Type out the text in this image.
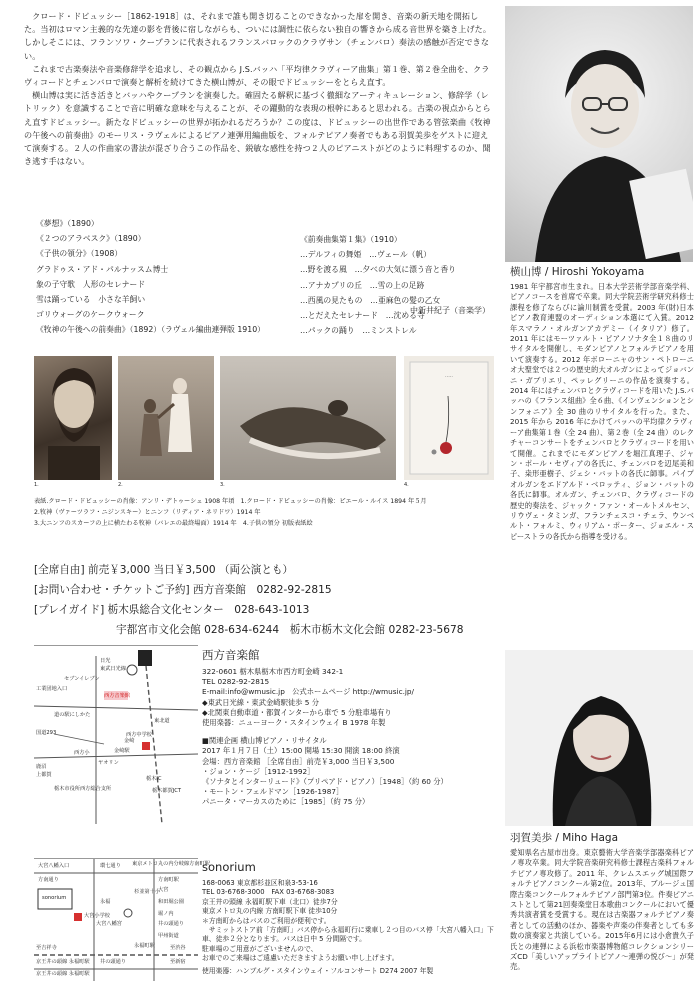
クロード・ドビュッシー［1862-1918］は、それまで誰も開き切ることのできなかった扉を開き、音楽の新天地を開拓した。当初はロマン主義的な先達の影を背後に宿しながらも、ついには調性に依らない独自の響きから成る音世界を築き上げた。しかしそこには、フランソワ・クープランに代表されるフランスバロックのクラヴサン（チェンバロ）奏法の感触が否定できない。

これまで古楽奏法や音楽修辞学を追求し、その観点から J.S.バッハ「平均律クラヴィーア曲集」第１巻、第２巻全曲を、クラヴィコードとチェンバロで演奏と解析を続けてきた横山博が、その眼でドビュッシーをとらえ直す。

横山博は実に活き活きとバッハやクープランを演奏した。確固たる解釈に基づく徹細なアーティキュレーション、修辞学（レトリック）を意識することで音に明確な意味を与えることが、その躍動的な表現の根幹にあると思われる。古楽の視点からとらえ直すドビュッシー。新たなドビュッシーの世界が拓かれるだろうか？この度は、ドビュッシーの出世作である管弦楽曲《牧神の午後への前奏曲》のモーリス・ラヴェルによるピアノ連弾用編曲版を、フォルテピアノ奏者でもある羽賀美歩をゲストに迎えて演奏する。２人の作曲家の書法が混ざり合うこの作品を、鋭敏な感性を持つ２人のピアニストがどのように料理するのか、聞き逃す手はない。

中新井紀子（音楽学）
《夢想》（1890）
《２つのアラベスク》（1890）
《子供の領分》（1908）
グラドゥス・アド・パルナッスム博士
象の子守歌　人形のセレナード
雪は踊っている　小さな羊飼い
ゴリウォーグのケークウォーク
《牧神の午後への前奏曲》（1892）（ラヴェル編曲連弾版 1910）
《前奏曲集第１集》（1910）
…デルフィの舞姫　…ヴェール（帆）
…野を渡る風　…夕べの大気に漂う音と香り
…アナカプリの丘　…雪の上の足跡
…西風の見たもの　…亜麻色の髪の乙女
…とだえたセレナード　…沈める寺
…パックの踊り　…ミンストレル
·····
1.	2.	3.	4.
表紙.クロード・ドビュッシーの肖像：アンリ・デトゥーシュ 1908 年頃　1.クロード・ドビュッシーの肖像：ピエール・ルイス 1894 年５月
2.牧神（ヴァーツラフ・ニジンスキー）とニンフ（リディア・ネリドワ）1914 年
3.大ニンフのスカーフの上に横たわる牧神（バレエの最終場面）1914 年　4.子供の領分 初版表紙絵
[全席自由] 前売￥3,000 当日￥3,500 （両公演とも）
[お問い合わせ・チケットご予約] 西方音楽館　0282-92-2815
[プレイガイド] 栃木県総合文化センター　028-643-1013
宇都宮市文化会館 028-634-6244　栃木市栃木文化会館 0282-23-5678
横山博 / Hiroshi Yokoyama
1981 年宇都宮市生まれ。日本大学芸術学部音楽学科、ピアノコースを首席で卒業。同大学院芸術学研究科修士課程を修了ならびに論川制賞を受賞。2003 年(財)日本ピアノ教育連盟のオーディション本選にて入賞。2012 年スマラノ・オルガンアカデミー（イタリア）修了。2011 年にはモーツァルト・ピアノソナタ全１８曲のリサイタルを開催し、モダンピアノとフォルテピアノを用いて演奏する。2012 年ボローニャのサン・ペトローニオ大聖堂では２つの歴史的大オルガンによってジョバンニ・ガブリエリ、ペッレグリーニの作品を演奏する。2014 年にはチェンバロとクラヴィコードを用いた J.S.バッハの《フランス組曲》全６曲、《インヴェンションとシンフォニア》全 30 曲のリサイタルを行った。また、2015 年から 2016 年にかけてバッハの平均律クラヴィーア曲集第１巻（全 24 曲）、第２巻（全 24 曲）のレクチャーコンサートをチェンバロとクラヴィコードを用いて開催。これまでにモダンピアノを堀江真理子、ジャン・ポール・セヴィアの各氏に、チェンバロを辺尾美和子、桒形亜樹子、ジェシ・バットの各氏に師事。パイプオルガンをエドアルド・ベロッティ、ジョン・バットの各氏に師事。オルガン、チェンバロ、クラヴィコードの歴史的奏法を、ジャック・ファン・オールトメルセン、リウヴェ・タミンガ、フランチェスコ・チェラ、ウンベルト・フォルミ、ウィリアム・ポーター、ジョエル・スピーストラの各氏から指導を受ける。
羽賀美歩 / Miho Haga
愛知県名古屋市出身。東京藝術大学音楽学部器楽科ピアノ専攻卒業。同大学院音楽研究科修士課程古楽科フォルテピアノ専攻修了。2011 年、クレムスエッグ城国際フォルテピアノコンクール第2位。2013年、ブルージュ国際古楽コンクールフォルテピアノ部門第3位。件奏ピアニストとして第21回奏楽堂日本歌曲コンクールにおいて優秀共演者賞を受賞する。現在は古楽器フォルテピアノ奏者としての活動のほか、器楽や声楽の伴奏者としても多数の演奏家と共演している。2015年6月には小倉貴久子氏との連弾による浜松市楽器博物館コレクションシリーズCD「美しいアップライトピアノ～連弾の悦び～」が発売。
工業団地入口
道の駅にしかた
国道293
セブンイレブン
東北道
西方音楽館
金崎駅
栃木IC
栃木都賀JCT
日光
東武日光線
金崎
鹿沼
上都賀
ヤオリン
西方小
西方中学校
栃木市役所西方総合支所
西方音楽館
322-0601 栃木県栃木市西方町金崎 342-1
TEL 0282-92-2815
E-mail:info@wmusic.jp　公式ホームページ http://wmusic.jp/
◆東武日光線・東武金崎駅徒歩 5 分
◆北関東自動車道・都賀インターから車で 5 分駐車場有り
使用楽器：ニューヨーク・スタインウェイ B 1978 年製
■関連企画 横山博ピアノ・リサイタル
2017 年１月７日（土）15:00 開場 15:30 開演 18:00 終演
会場：西方音楽館 ［全席自由］前売￥3,000 当日￥3,500
・ジョン・ケージ［1912-1992］
《ソナタとインターリュード》（プリペアド・ピアノ）［1948］（約 60 分）
・モートン・フェルドマン［1926-1987］
パニータ・マーカスのために［1985］（約 75 分）
大宮八幡入口
方南通り
東京メトロ丸の内分岐線方南町駅
大宮八幡宮
永福町駅
環七通り
和田堀公園
井の頭通り
京王井の頭線 永福町駅
永福
方南町駅
大宮
堀ノ内
甲州街道
京王井の頭線 永福町駅 井の頭通り
至吉祥寺	至渋谷
至新宿
sonorium
大宮小学校
杉並第十小
sonorium
168-0063 東京都杉並区和泉3-53-16
TEL 03-6768-3000　FAX 03-6768-3083
京王井の頭線 永福町駅下車（北口）徒歩7分
東京メトロ丸の内線 方南町駅下車 徒歩10分
＊方南町からはバスのご利用が便利です。
　サミットストア前「方南町」バス停から永福町行に乗車し２つ目のバス停「大宮八幡入口」下車、徒歩２分となります。バスは日中 5 分間隔です。
駐車場のご用意がございませんので、
お車でのご来場はご遠慮いただきますようお願い申し上げます。
使用楽器：ハンブルグ・スタインウェイ・フルコンサート D274 2007 年製
